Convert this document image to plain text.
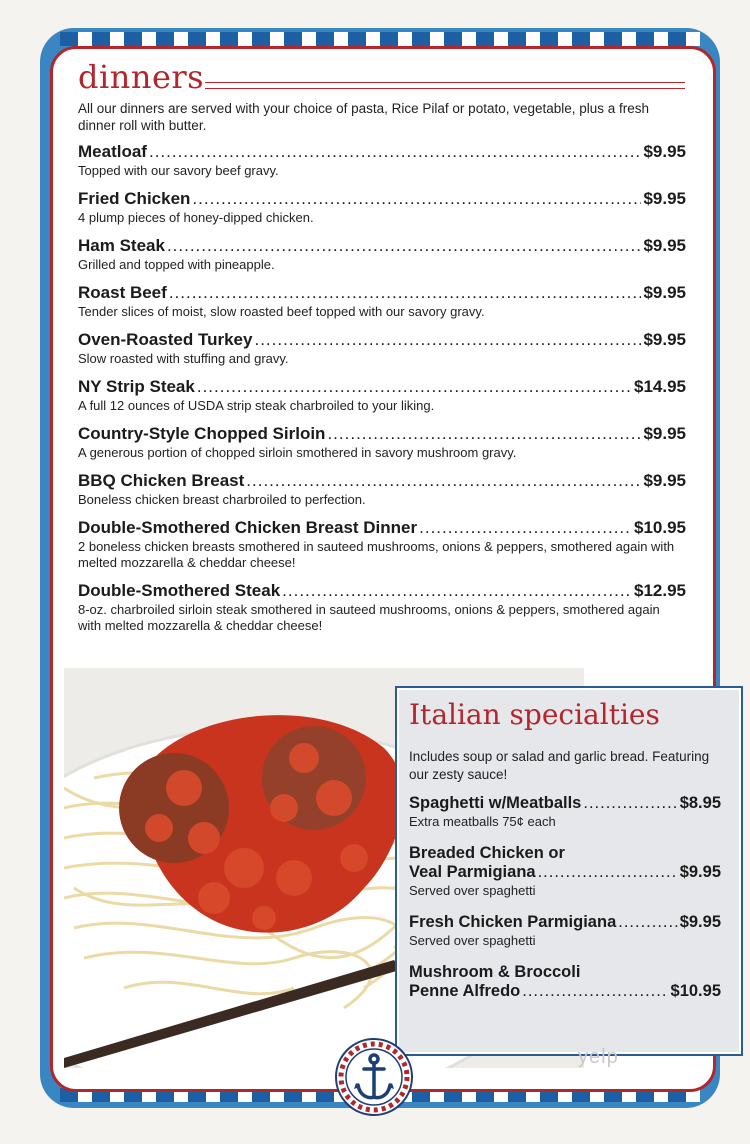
dinners
All our dinners are served with your choice of pasta, Rice Pilaf or potato, vegetable, plus a fresh dinner roll with butter.
Meatloaf .....	$9.95
Topped with our savory beef gravy.
Fried Chicken .....	$9.95
4 plump pieces of honey-dipped chicken.
Ham Steak .....	$9.95
Grilled and topped with pineapple.
Roast Beef .....	$9.95
Tender slices of moist, slow roasted beef topped with our savory gravy.
Oven-Roasted Turkey .....	$9.95
Slow roasted with stuffing and gravy.
NY Strip Steak .....	$14.95
A full 12 ounces of USDA strip steak charbroiled to your liking.
Country-Style Chopped Sirloin .....	$9.95
A generous portion of chopped sirloin smothered in savory mushroom gravy.
BBQ Chicken Breast .....	$9.95
Boneless chicken breast charbroiled to perfection.
Double-Smothered Chicken Breast Dinner .....	$10.95
2 boneless chicken breasts smothered in sauteed mushrooms, onions & peppers, smothered again with melted mozzarella & cheddar cheese!
Double-Smothered Steak .....	$12.95
8-oz. charbroiled sirloin steak smothered in sauteed mushrooms, onions & peppers, smothered again with melted mozzarella & cheddar cheese!
Italian specialties
Includes soup or salad and garlic bread. Featuring our zesty sauce!
Spaghetti w/Meatballs .....	$8.95
Extra meatballs 75¢ each
Breaded Chicken or
Veal Parmigiana .....	$9.95
Served over spaghetti
Fresh Chicken Parmigiana .....	$9.95
Served over spaghetti
Mushroom & Broccoli
Penne Alfredo .....	$10.95
yelp
